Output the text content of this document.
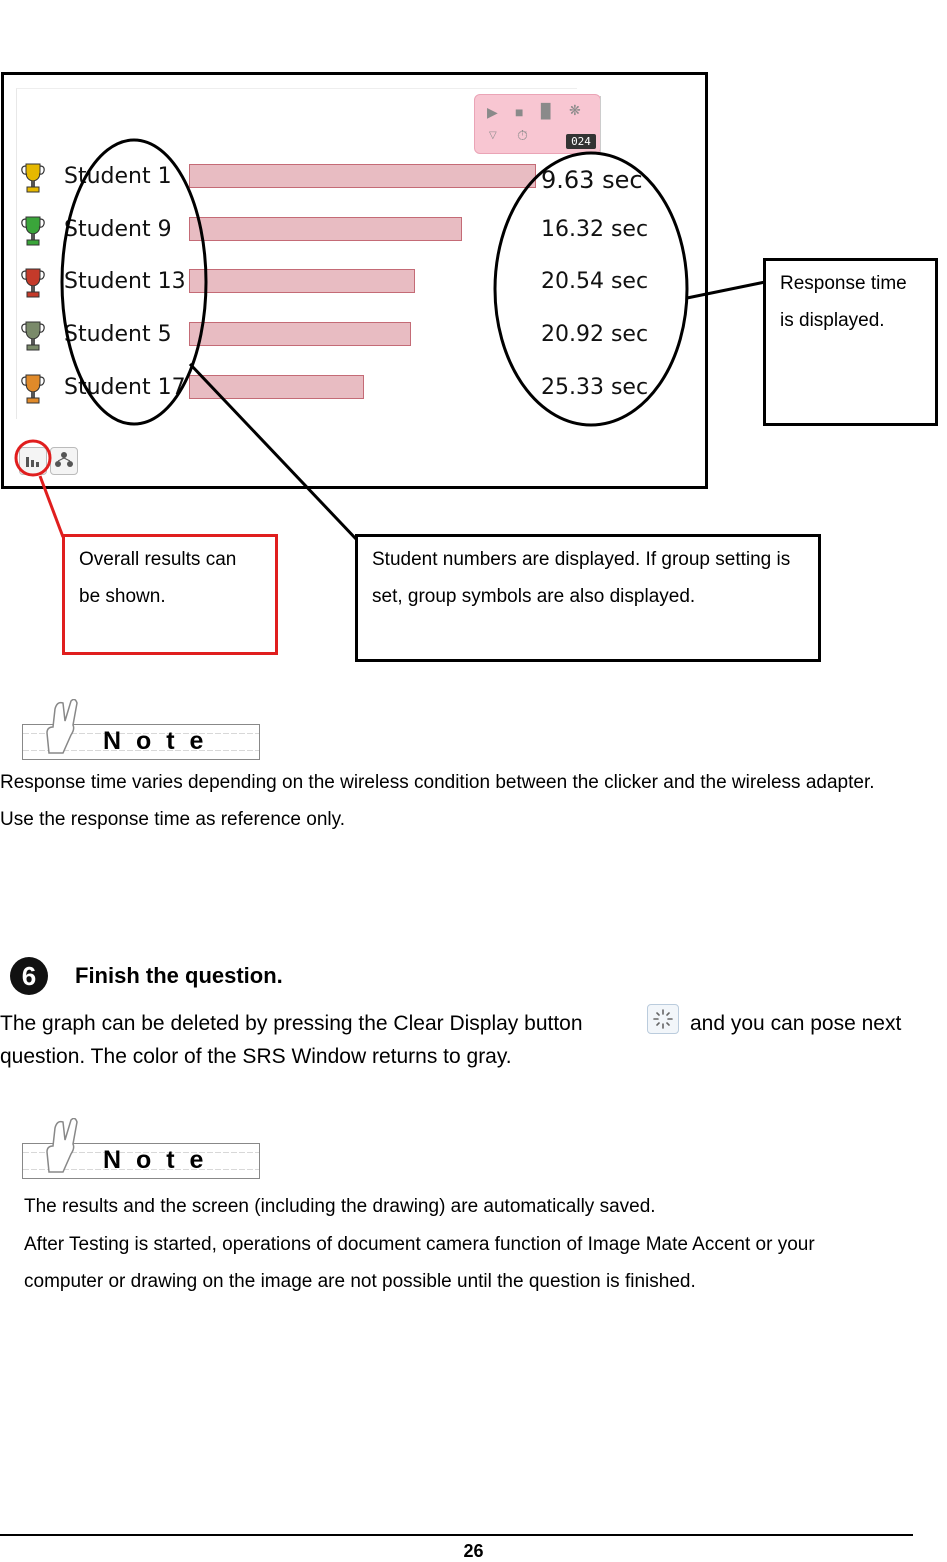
▶ ■ ▉ ❋
▽ ⏱	024
Student 1	9.63 sec
Student 9	16.32 sec
Student 13	20.54 sec
Student 5	20.92 sec
Student 17	25.33 sec
Response time is displayed.
Overall results can be shown.
Student numbers are displayed. If group setting is set, group symbols are also displayed.
N o t e
Response time varies depending on the wireless condition between the clicker and the wireless adapter. Use the response time as reference only.
6	Finish the question.
The graph can be deleted by pressing the Clear Display button	and you can pose next
question. The color of the SRS Window returns to gray.
N o t e
The results and the screen (including the drawing) are automatically saved.
After Testing is started, operations of document camera function of Image Mate Accent or your
computer or drawing on the image are not possible until the question is finished.
26
